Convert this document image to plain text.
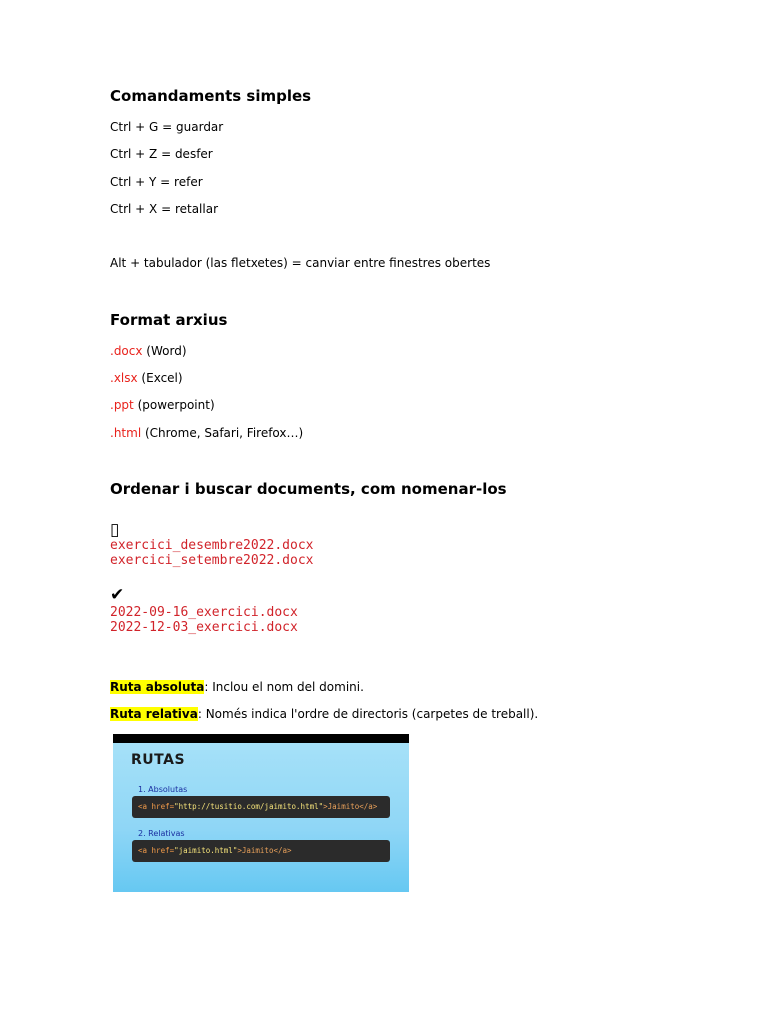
Comandaments simples
Ctrl + G = guardar
Ctrl + Z = desfer
Ctrl + Y = refer
Ctrl + X = retallar
Alt + tabulador (las fletxetes) = canviar entre finestres obertes
Format arxius
.docx (Word)
.xlsx (Excel)
.ppt (powerpoint)
.html (Chrome, Safari, Firefox…)
Ordenar i buscar documents, com nomenar-los
▯
exercici_desembre2022.docx
exercici_setembre2022.docx
✔
2022-09-16_exercici.docx
2022-12-03_exercici.docx
Ruta absoluta: Inclou el nom del domini.
Ruta relativa: Només indica l'ordre de directoris (carpetes de treball).
RUTAS
1. Absolutas
<a href="http://tusitio.com/jaimito.html">Jaimito</a>
2. Relativas
<a href="jaimito.html">Jaimito</a>
